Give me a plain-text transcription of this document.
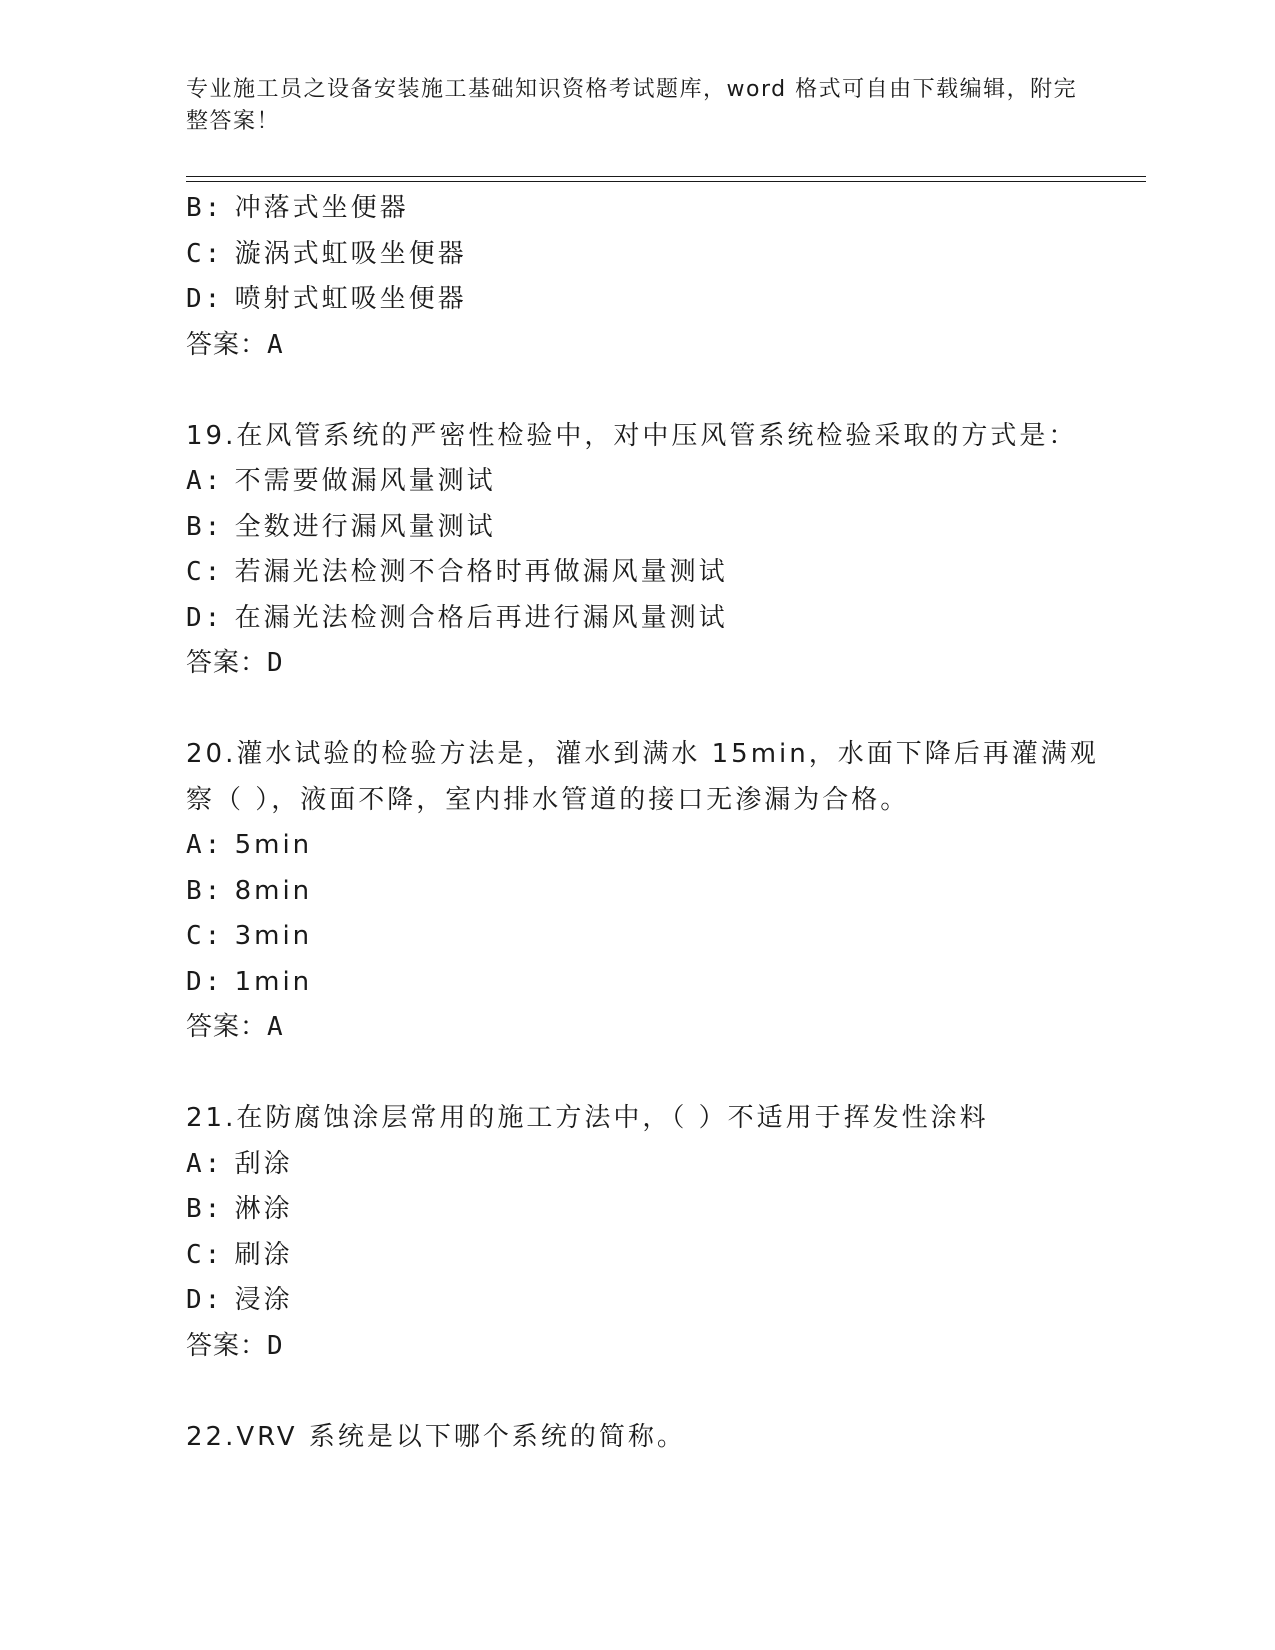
专业施工员之设备安装施工基础知识资格考试题库，word 格式可自由下载编辑，附完整答案！

B: 冲落式坐便器

C: 漩涡式虹吸坐便器

D: 喷射式虹吸坐便器

答案：A

19.在风管系统的严密性检验中，对中压风管系统检验采取的方式是：

A: 不需要做漏风量测试

B: 全数进行漏风量测试

C: 若漏光法检测不合格时再做漏风量测试

D: 在漏光法检测合格后再进行漏风量测试

答案：D

20.灌水试验的检验方法是，灌水到满水 15min，水面下降后再灌满观

察（ ），液面不降，室内排水管道的接口无渗漏为合格。

A: 5min

B: 8min

C: 3min

D: 1min

答案：A

21.在防腐蚀涂层常用的施工方法中，（ ）不适用于挥发性涂料

A: 刮涂

B: 淋涂

C: 刷涂

D: 浸涂

答案：D

22.VRV 系统是以下哪个系统的简称。
